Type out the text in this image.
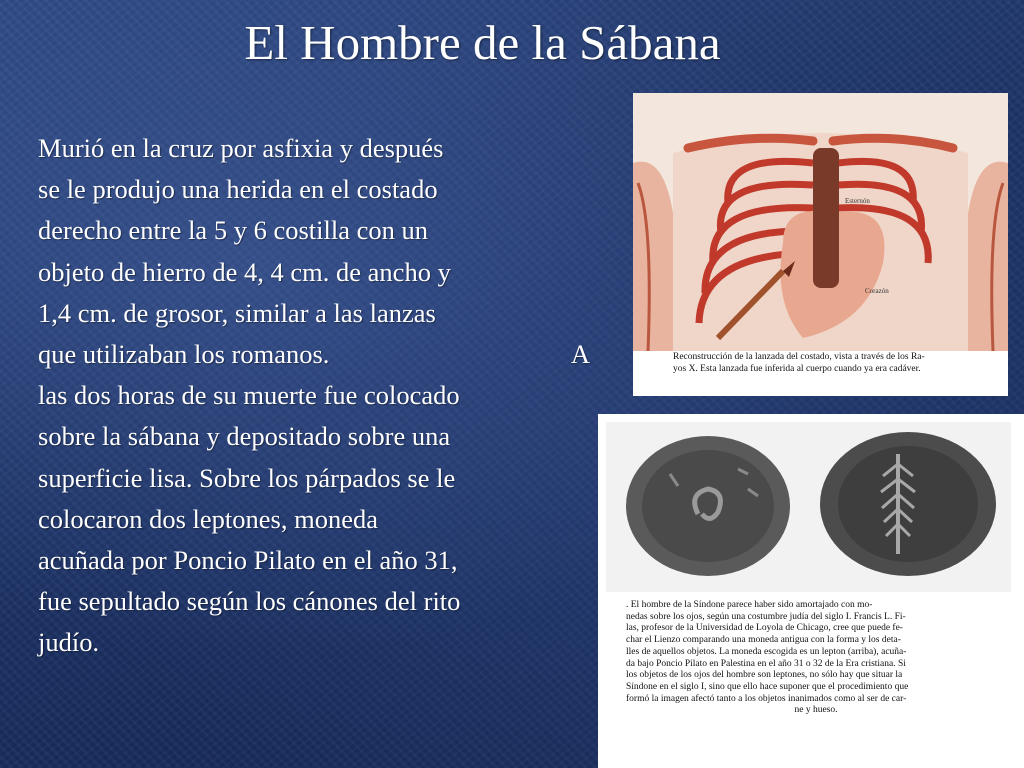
El Hombre de la Sábana
Murió en la cruz por asfixia y después
se le produjo una herida en el costado
derecho entre la 5 y 6 costilla con un
objeto de hierro de 4, 4 cm. de ancho y
1,4 cm. de grosor, similar a las lanzas
que utilizaban los romanos.	A
las dos horas de su muerte fue colocado
sobre la sábana y depositado sobre una
superficie lisa. Sobre los párpados se le
colocaron dos leptones, moneda
acuñada por Poncio Pilato en el año 31,
fue sepultado según los cánones del rito
judío.
Esternón
Corazón
Reconstrucción de la lanzada del costado, vista a través de los Ra-
yos X. Esta lanzada fue inferida al cuerpo cuando ya era cadáver.
. El hombre de la Síndone parece haber sido amortajado con mo-
nedas sobre los ojos, según una costumbre judía del siglo I. Francis L. Fi-
las, profesor de la Universidad de Loyola de Chicago, cree que puede fe-
char el Lienzo comparando una moneda antigua con la forma y los deta-
lles de aquellos objetos. La moneda escogida es un lepton (arriba), acuña-
da bajo Poncio Pilato en Palestina en el año 31 o 32 de la Era cristiana. Si
los objetos de los ojos del hombre son leptones, no sólo hay que situar la
Síndone en el siglo I, sino que ello hace suponer que el procedimiento que
formó la imagen afectó tanto a los objetos inanimados como al ser de car-
ne y hueso.
